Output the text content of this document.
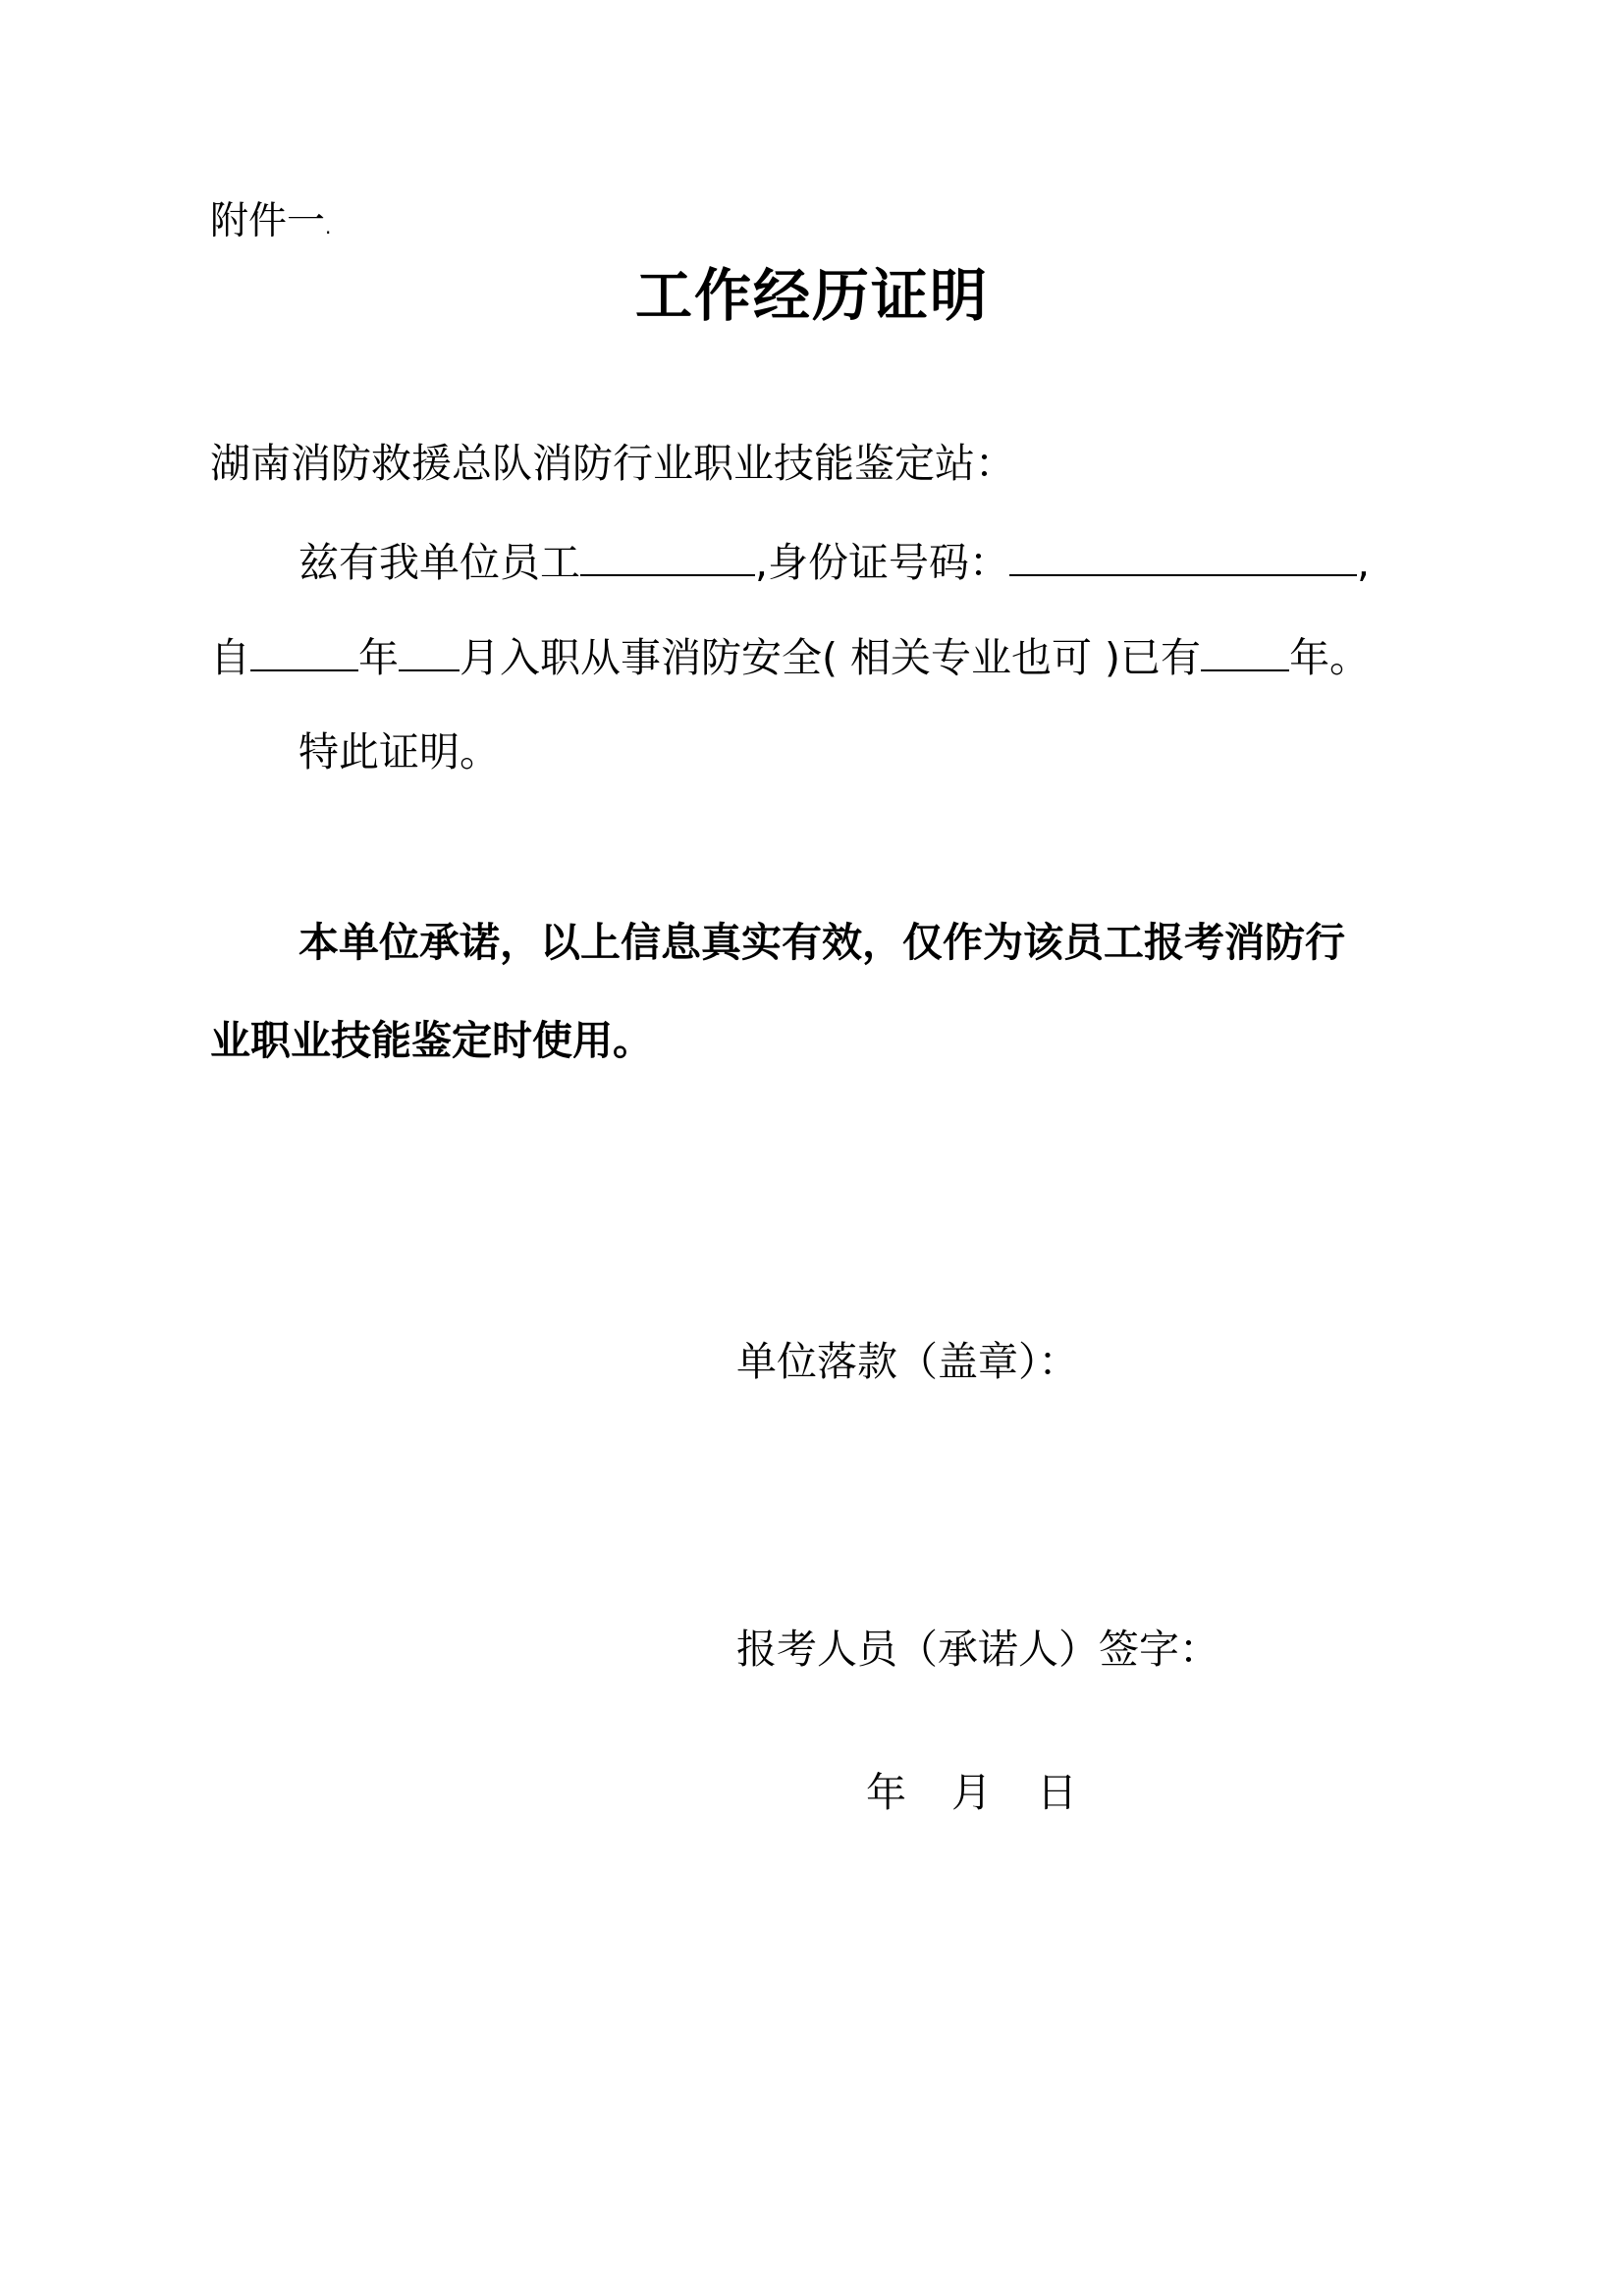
附件一.
工作经历证明
湖南消防救援总队消防行业职业技能鉴定站：
兹有我单位员工	,身份证号码：	,
自	年 月入职从事消防安全( 相关专业也可 )已有 年。
特此证明。
本单位承诺，以上信息真实有效，仅作为该员工报考消防行
业职业技能鉴定时使用。
单位落款（盖章）：
报考人员（承诺人）签字：
年 月 日
